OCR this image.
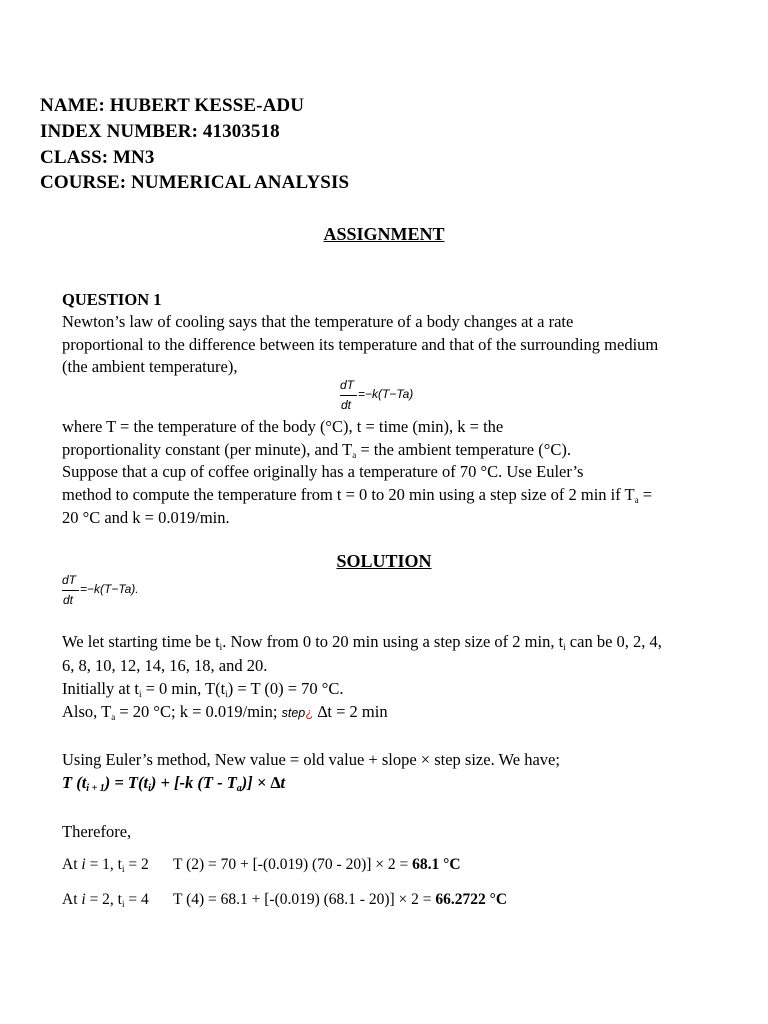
NAME: HUBERT KESSE-ADU
INDEX NUMBER: 41303518
CLASS: MN3
COURSE: NUMERICAL ANALYSIS
ASSIGNMENT
QUESTION 1
Newton’s law of cooling says that the temperature of a body changes at a rate
proportional to the difference between its temperature and that of the surrounding medium
(the ambient temperature),
dT
dt
=−k(T−Ta)
where T = the temperature of the body (°C), t = time (min), k = the
proportionality constant (per minute), and $T_a$ = the ambient temperature (°C).
Suppose that a cup of coffee originally has a temperature of 70 °C. Use Euler’s
method to compute the temperature from t = 0 to 20 min using a step size of 2 min if $T_a$ =
20 °C and k = 0.019/min.
SOLUTION
dT
dt
=−k(T−Ta).
We let starting time be $t_i$. Now from 0 to 20 min using a step size of 2 min, $t_i$ can be 0, 2, 4,
6, 8, 10, 12, 14, 16, 18, and 20.
Initially at $t_i = 0$ min, $T(t_i) = T$ (0) = 70 °C.
Also, $T_a = 20$ °C; k = 0.019/min; step¿ ∆t = 2 min
Using Euler’s method, New value = old value + slope × step size. We have;
T (ti + 1) = T(ti) + [-k (T - Ta)] × ∆t
Therefore,
At i = 1, $t_i = 2$ T (2) = 70 + [-(0.019) (70 - 20)] × 2 = 68.1 °C
At i = 2, $t_i = 4$ T (4) = 68.1 + [-(0.019) (68.1 - 20)] × 2 = 66.2722 °C
